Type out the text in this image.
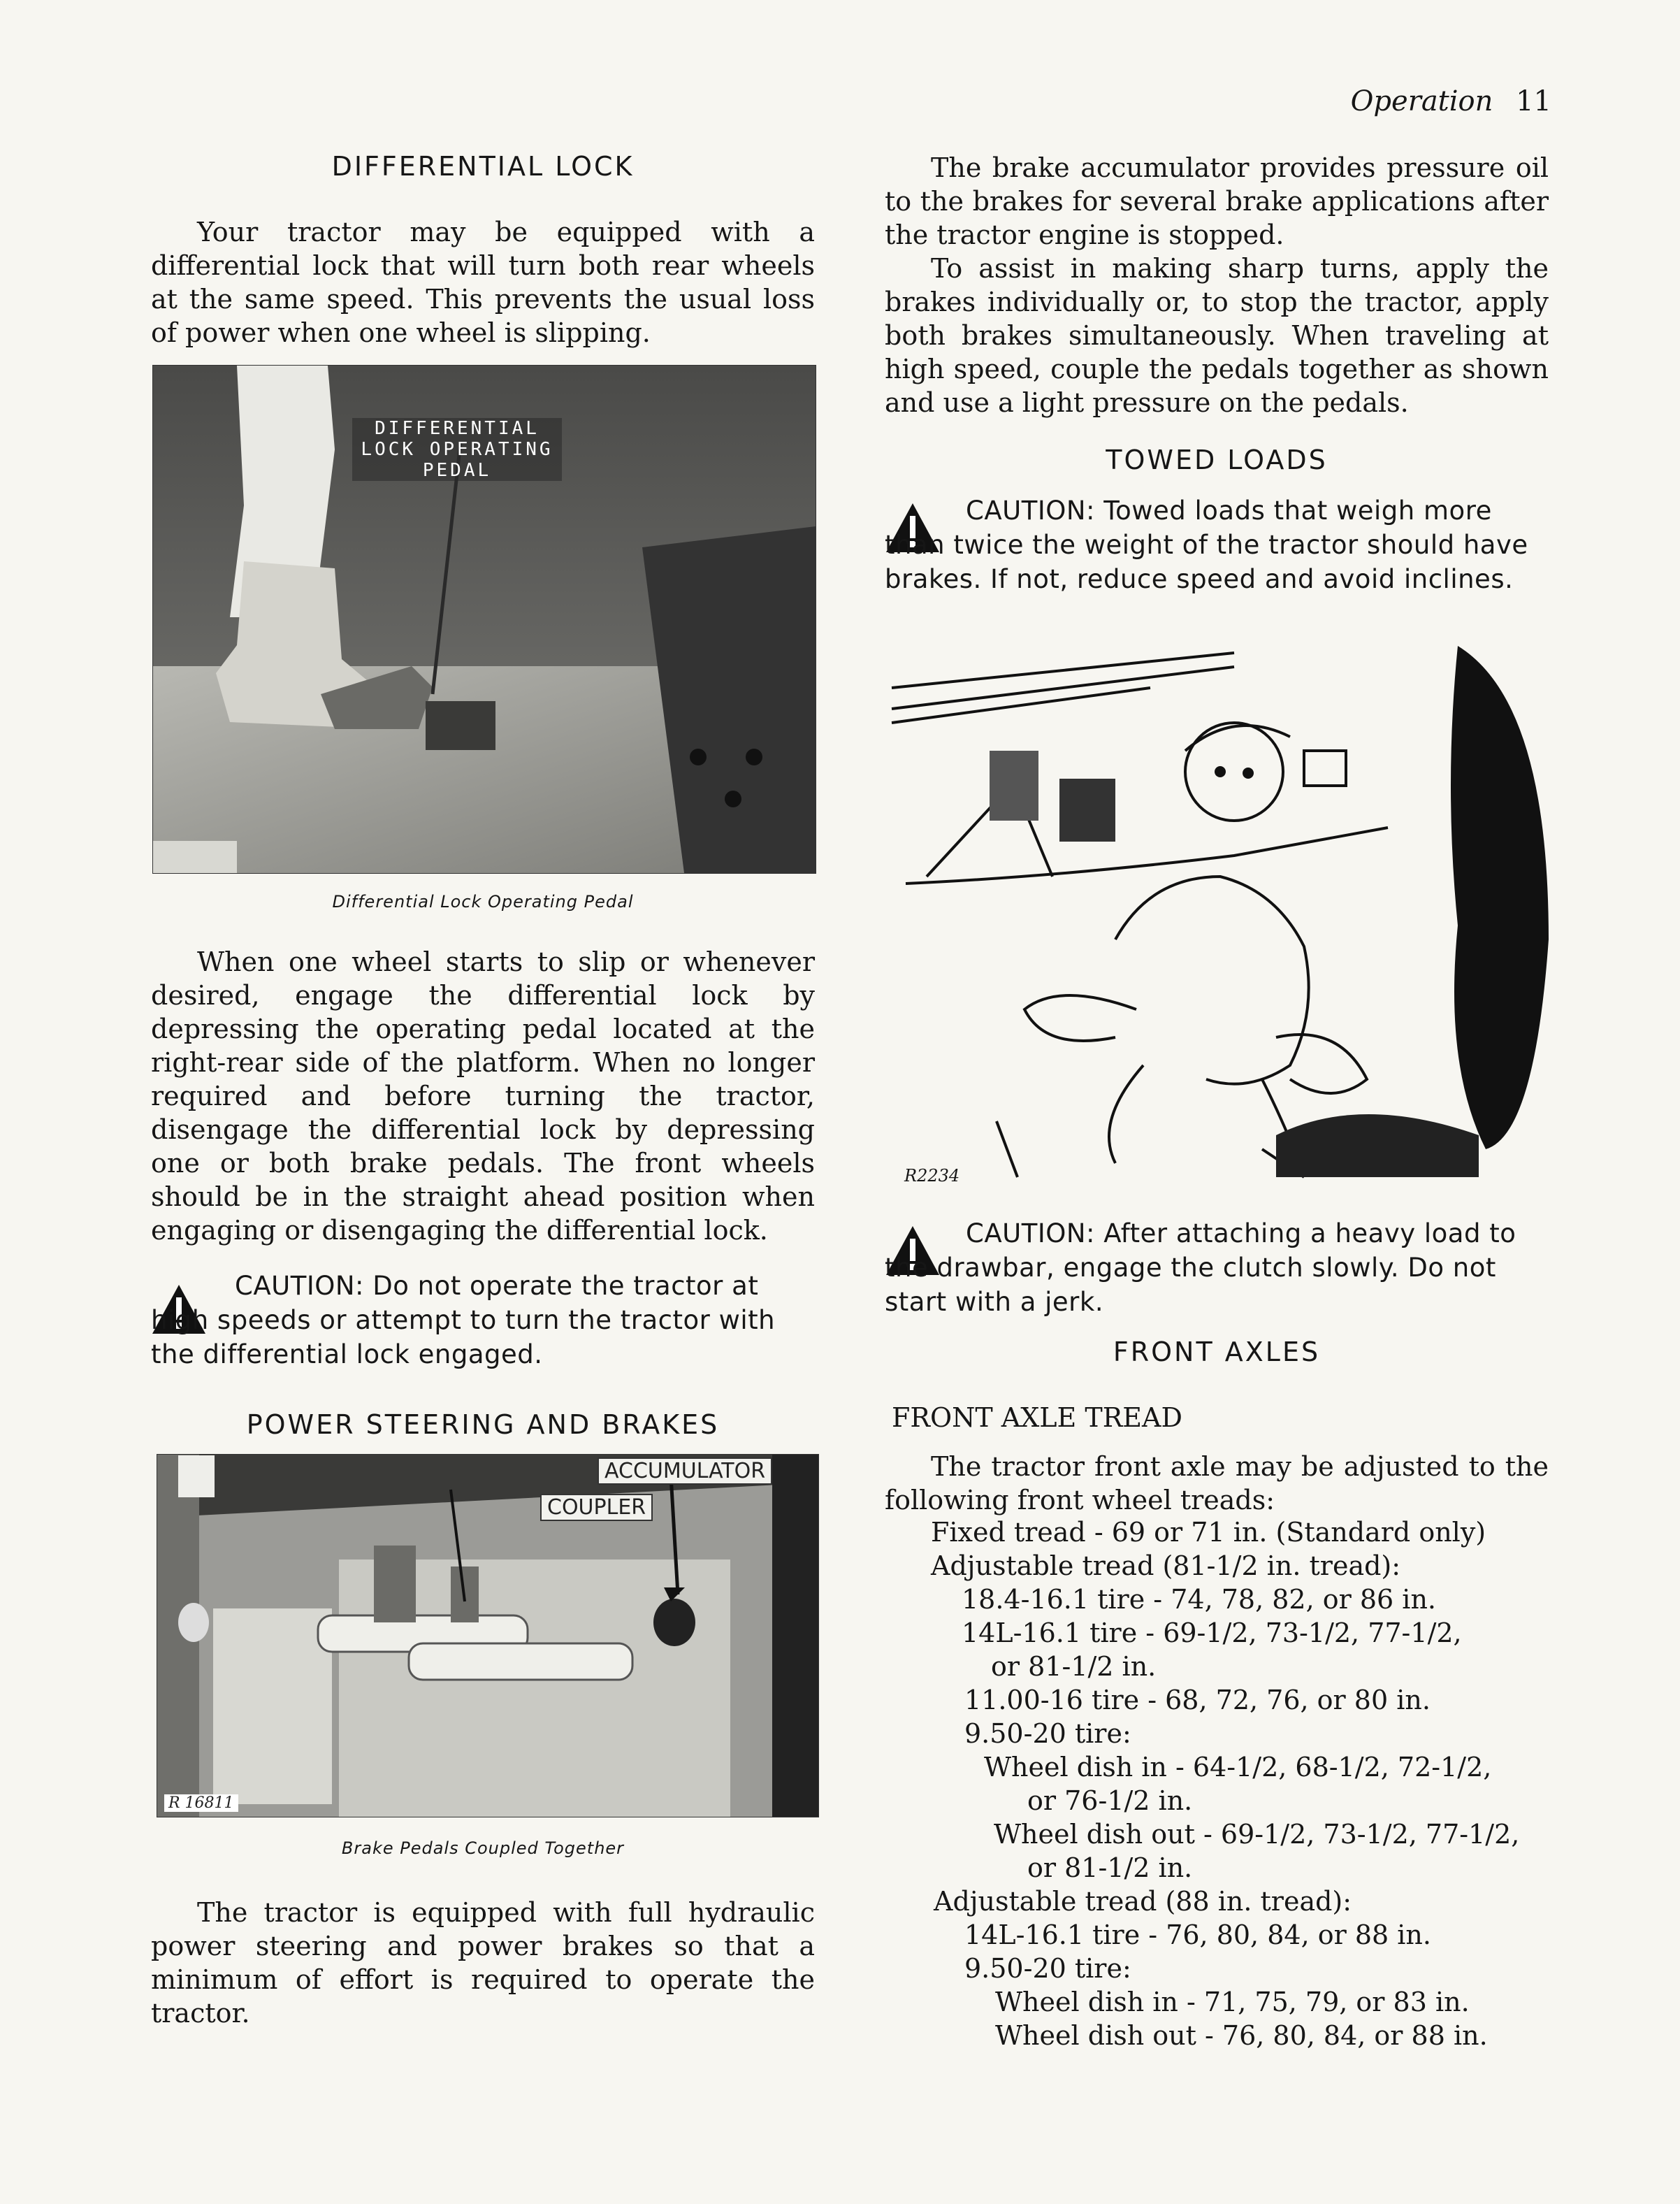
Operation 11
DIFFERENTIAL LOCK

Your tractor may be equipped with a differential lock that will turn both rear wheels at the same speed. This prevents the usual loss of power when one wheel is slipping.

DIFFERENTIAL
LOCK OPERATING
PEDAL
Differential Lock Operating Pedal

When one wheel starts to slip or whenever desired, engage the differential lock by depressing the operating pedal located at the right-rear side of the platform. When no longer required and before turning the tractor, disengage the differential lock by depressing one or both brake pedals. The front wheels should be in the straight ahead position when engaging or disengaging the differential lock.

CAUTION: Do not operate the tractor at high speeds or attempt to turn the tractor with the differential lock engaged.

POWER STEERING AND BRAKES
ACCUMULATOR
COUPLER
R 16811
Brake Pedals Coupled Together

The tractor is equipped with full hydraulic power steering and power brakes so that a minimum of effort is required to operate the tractor.

The brake accumulator provides pressure oil to the brakes for several brake applications after the tractor engine is stopped.

To assist in making sharp turns, apply the brakes individually or, to stop the tractor, apply both brakes simultaneously. When traveling at high speed, couple the pedals together as shown and use a light pressure on the pedals.

TOWED LOADS

CAUTION: Towed loads that weigh more than twice the weight of the tractor should have brakes. If not, reduce speed and avoid inclines.

R2234

CAUTION: After attaching a heavy load to the drawbar, engage the clutch slowly. Do not start with a jerk.

FRONT AXLES
FRONT AXLE TREAD

The tractor front axle may be adjusted to the following front wheel treads:

Fixed tread - 69 or 71 in. (Standard only)
Adjustable tread (81-1/2 in. tread):
18.4-16.1 tire - 74, 78, 82, or 86 in.
14L-16.1 tire - 69-1/2, 73-1/2, 77-1/2,
or 81-1/2 in.
11.00-16 tire - 68, 72, 76, or 80 in.
9.50-20 tire:
Wheel dish in - 64-1/2, 68-1/2, 72-1/2,
or 76-1/2 in.
Wheel dish out - 69-1/2, 73-1/2, 77-1/2,
or 81-1/2 in.
Adjustable tread (88 in. tread):
14L-16.1 tire - 76, 80, 84, or 88 in.
9.50-20 tire:
Wheel dish in - 71, 75, 79, or 83 in.
Wheel dish out - 76, 80, 84, or 88 in.
